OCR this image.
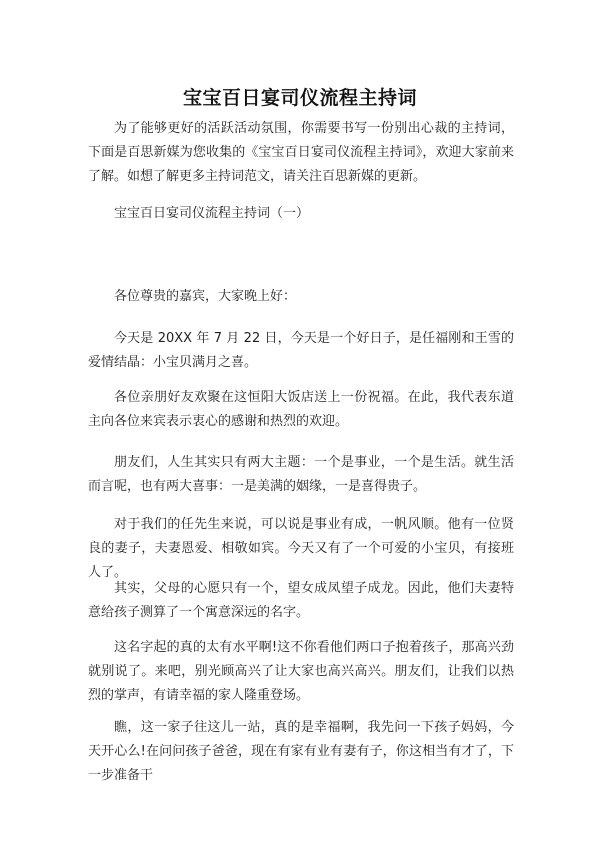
宝宝百日宴司仪流程主持词

为了能够更好的活跃活动氛围，你需要书写一份别出心裁的主持词，下面是百思新媒为您收集的《宝宝百日宴司仪流程主持词》，欢迎大家前来了解。如想了解更多主持词范文，请关注百思新媒的更新。

宝宝百日宴司仪流程主持词（一）

各位尊贵的嘉宾，大家晚上好：

今天是 20XX 年 7 月 22 日，今天是一个好日子，是任福刚和王雪的爱情结晶：小宝贝满月之喜。

各位亲朋好友欢聚在这恒阳大饭店送上一份祝福。在此，我代表东道主向各位来宾表示衷心的感谢和热烈的欢迎。

朋友们，人生其实只有两大主题：一个是事业，一个是生活。就生活而言呢，也有两大喜事：一是美满的姻缘，一是喜得贵子。

对于我们的任先生来说，可以说是事业有成，一帆风顺。他有一位贤良的妻子，夫妻恩爱、相敬如宾。今天又有了一个可爱的小宝贝，有接班人了。

其实，父母的心愿只有一个，望女成凤望子成龙。因此，他们夫妻特意给孩子测算了一个寓意深远的名字。

这名字起的真的太有水平啊!这不你看他们两口子抱着孩子，那高兴劲就别说了。来吧，别光顾高兴了让大家也高兴高兴。朋友们，让我们以热烈的掌声，有请幸福的家人隆重登场。

瞧，这一家子往这儿一站，真的是幸福啊，我先问一下孩子妈妈，今天开心么!在问问孩子爸爸，现在有家有业有妻有子，你这相当有才了，下一步准备干
